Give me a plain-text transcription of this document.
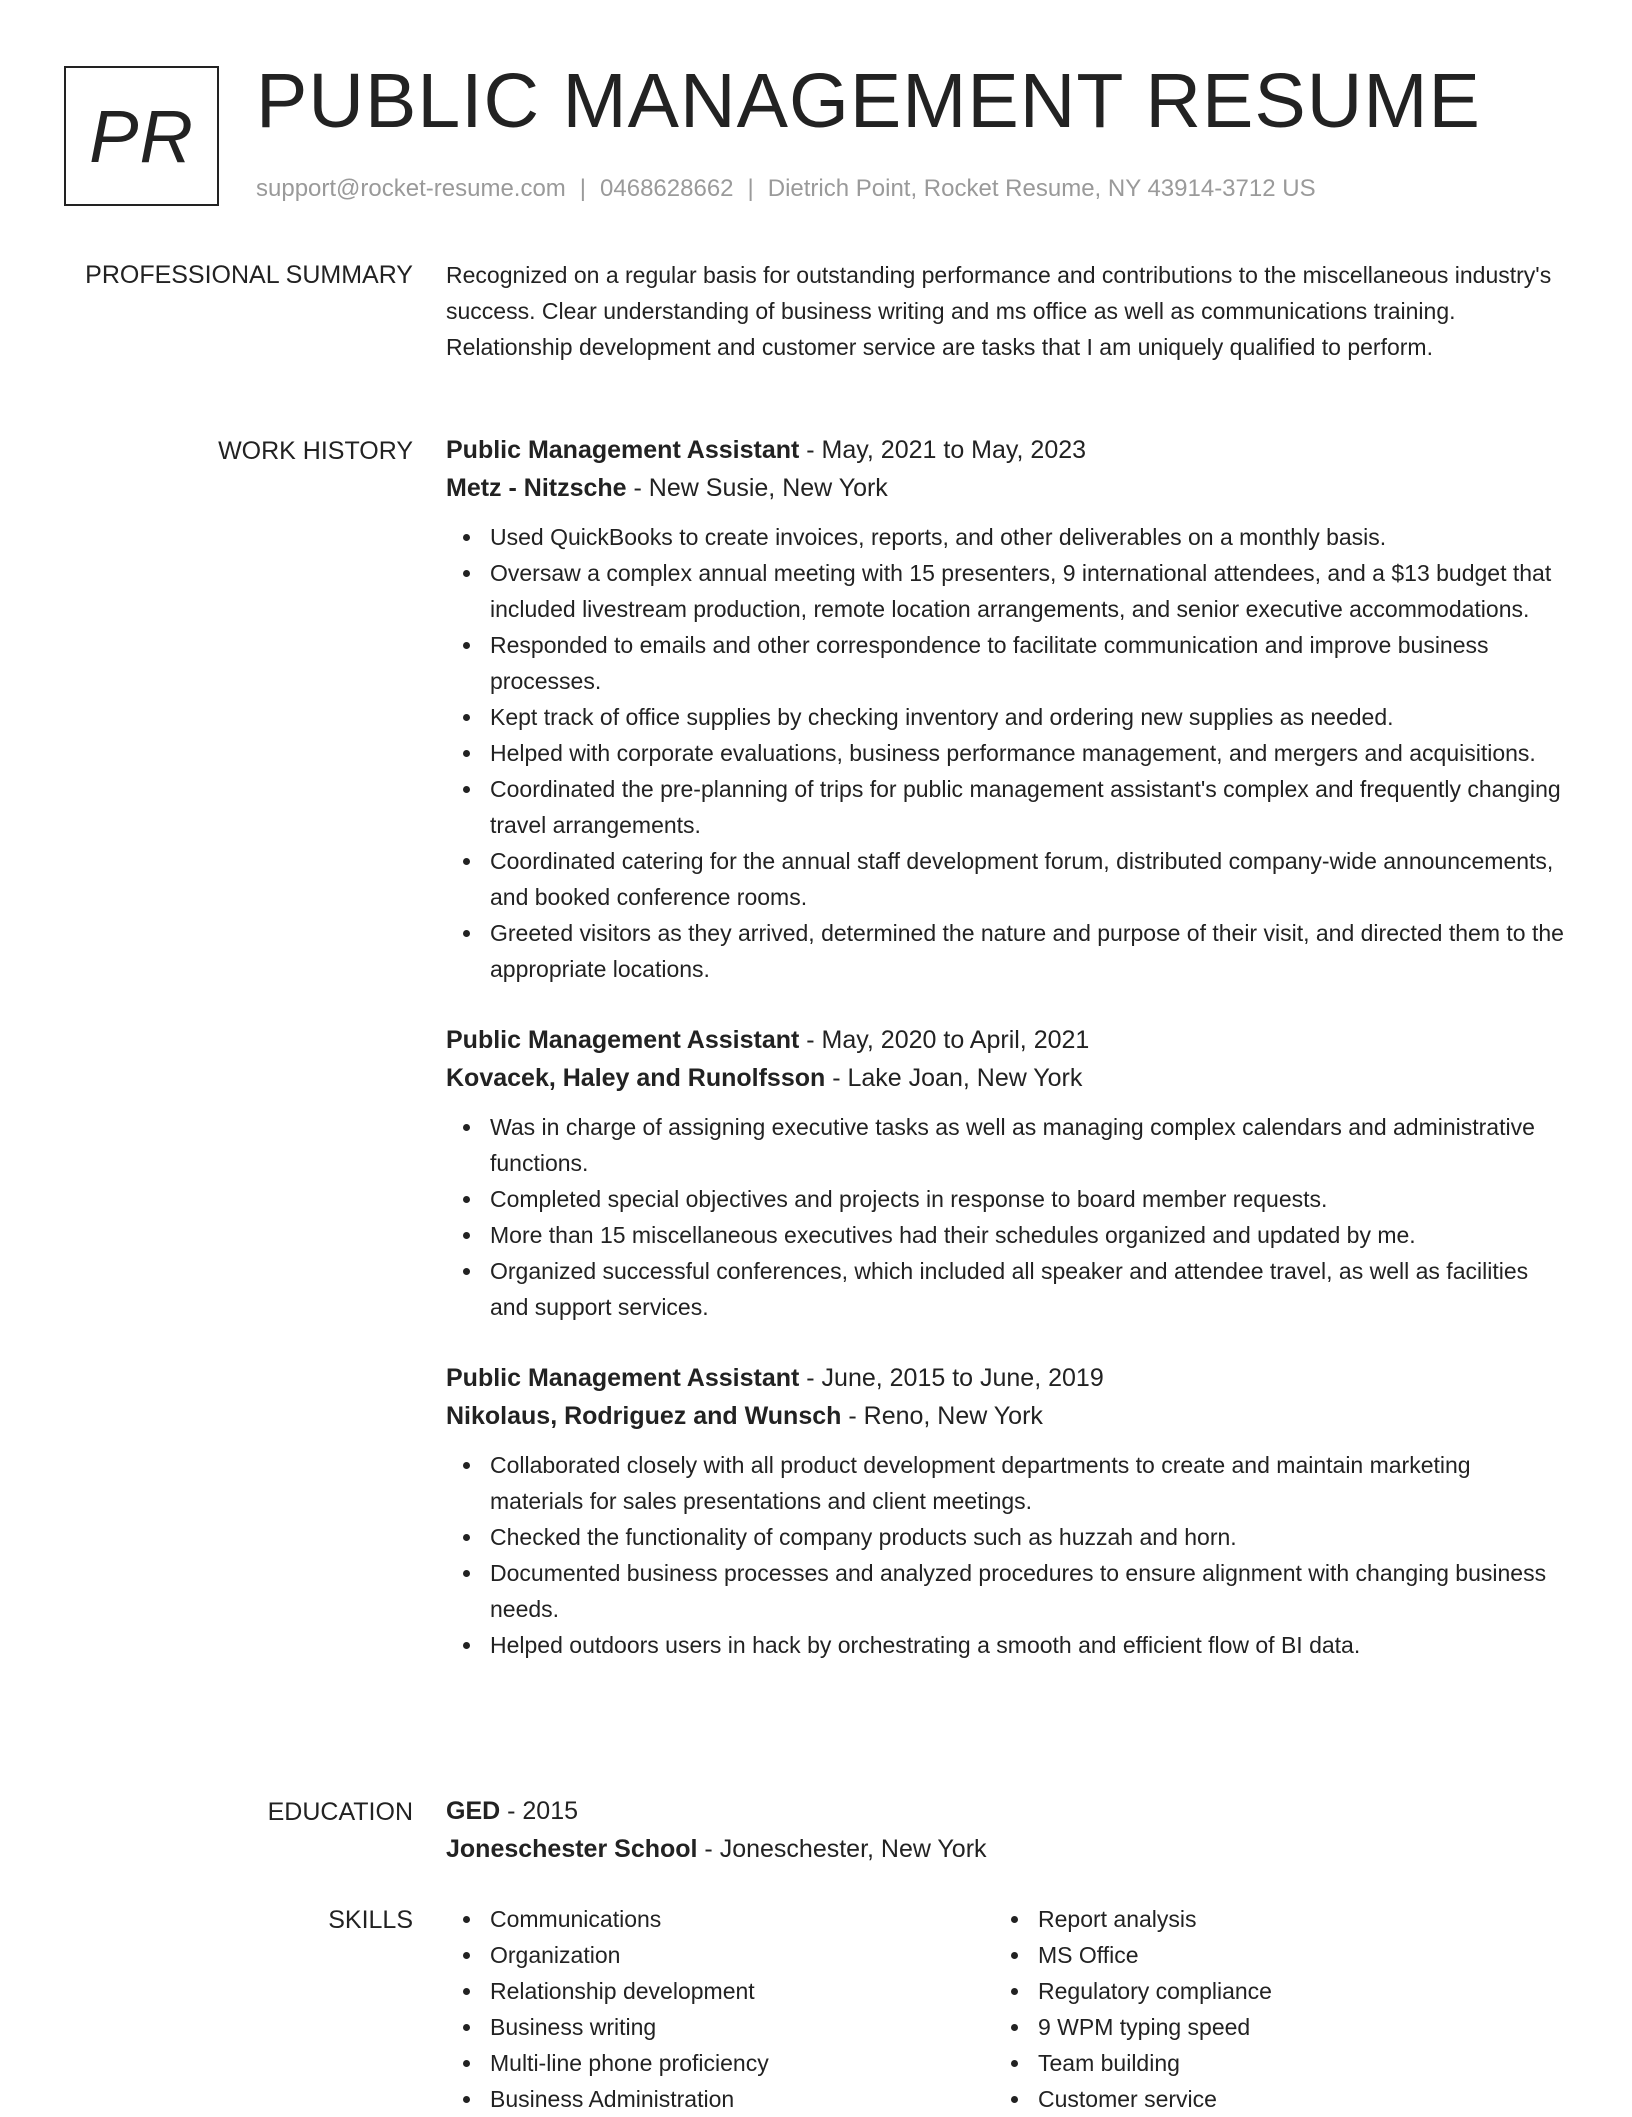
PR PUBLIC MANAGEMENT RESUME
support@rocket-resume.com | 0468628662 | Dietrich Point, Rocket Resume, NY 43914-3712 US
PROFESSIONAL SUMMARY Recognized on a regular basis for outstanding performance and contributions to the miscellaneous industry's success. Clear understanding of business writing and ms office as well as communications training. Relationship development and customer service are tasks that I am uniquely qualified to perform.

WORK HISTORY Public Management Assistant - May, 2021 to May, 2023
Metz - Nitzsche - New Susie, New York
Used QuickBooks to create invoices, reports, and other deliverables on a monthly basis.
Oversaw a complex annual meeting with 15 presenters, 9 international attendees, and a $13 budget that included livestream production, remote location arrangements, and senior executive accommodations.
Responded to emails and other correspondence to facilitate communication and improve business processes.
Kept track of office supplies by checking inventory and ordering new supplies as needed.
Helped with corporate evaluations, business performance management, and mergers and acquisitions.
Coordinated the pre-planning of trips for public management assistant's complex and frequently changing travel arrangements.
Coordinated catering for the annual staff development forum, distributed company-wide announcements, and booked conference rooms.
Greeted visitors as they arrived, determined the nature and purpose of their visit, and directed them to the appropriate locations.
Public Management Assistant - May, 2020 to April, 2021
Kovacek, Haley and Runolfsson - Lake Joan, New York
Was in charge of assigning executive tasks as well as managing complex calendars and administrative functions.
Completed special objectives and projects in response to board member requests.
More than 15 miscellaneous executives had their schedules organized and updated by me.
Organized successful conferences, which included all speaker and attendee travel, as well as facilities and support services.
Public Management Assistant - June, 2015 to June, 2019
Nikolaus, Rodriguez and Wunsch - Reno, New York
Collaborated closely with all product development departments to create and maintain marketing materials for sales presentations and client meetings.
Checked the functionality of company products such as huzzah and horn.
Documented business processes and analyzed procedures to ensure alignment with changing business needs.
Helped outdoors users in hack by orchestrating a smooth and efficient flow of BI data.
EDUCATION GED - 2015
Joneschester School - Joneschester, New York
SKILLS	Communications
Organization
Relationship development
Business writing
Multi-line phone proficiency
Business Administration
Report analysis
MS Office
Regulatory compliance
9 WPM typing speed
Team building
Customer service
